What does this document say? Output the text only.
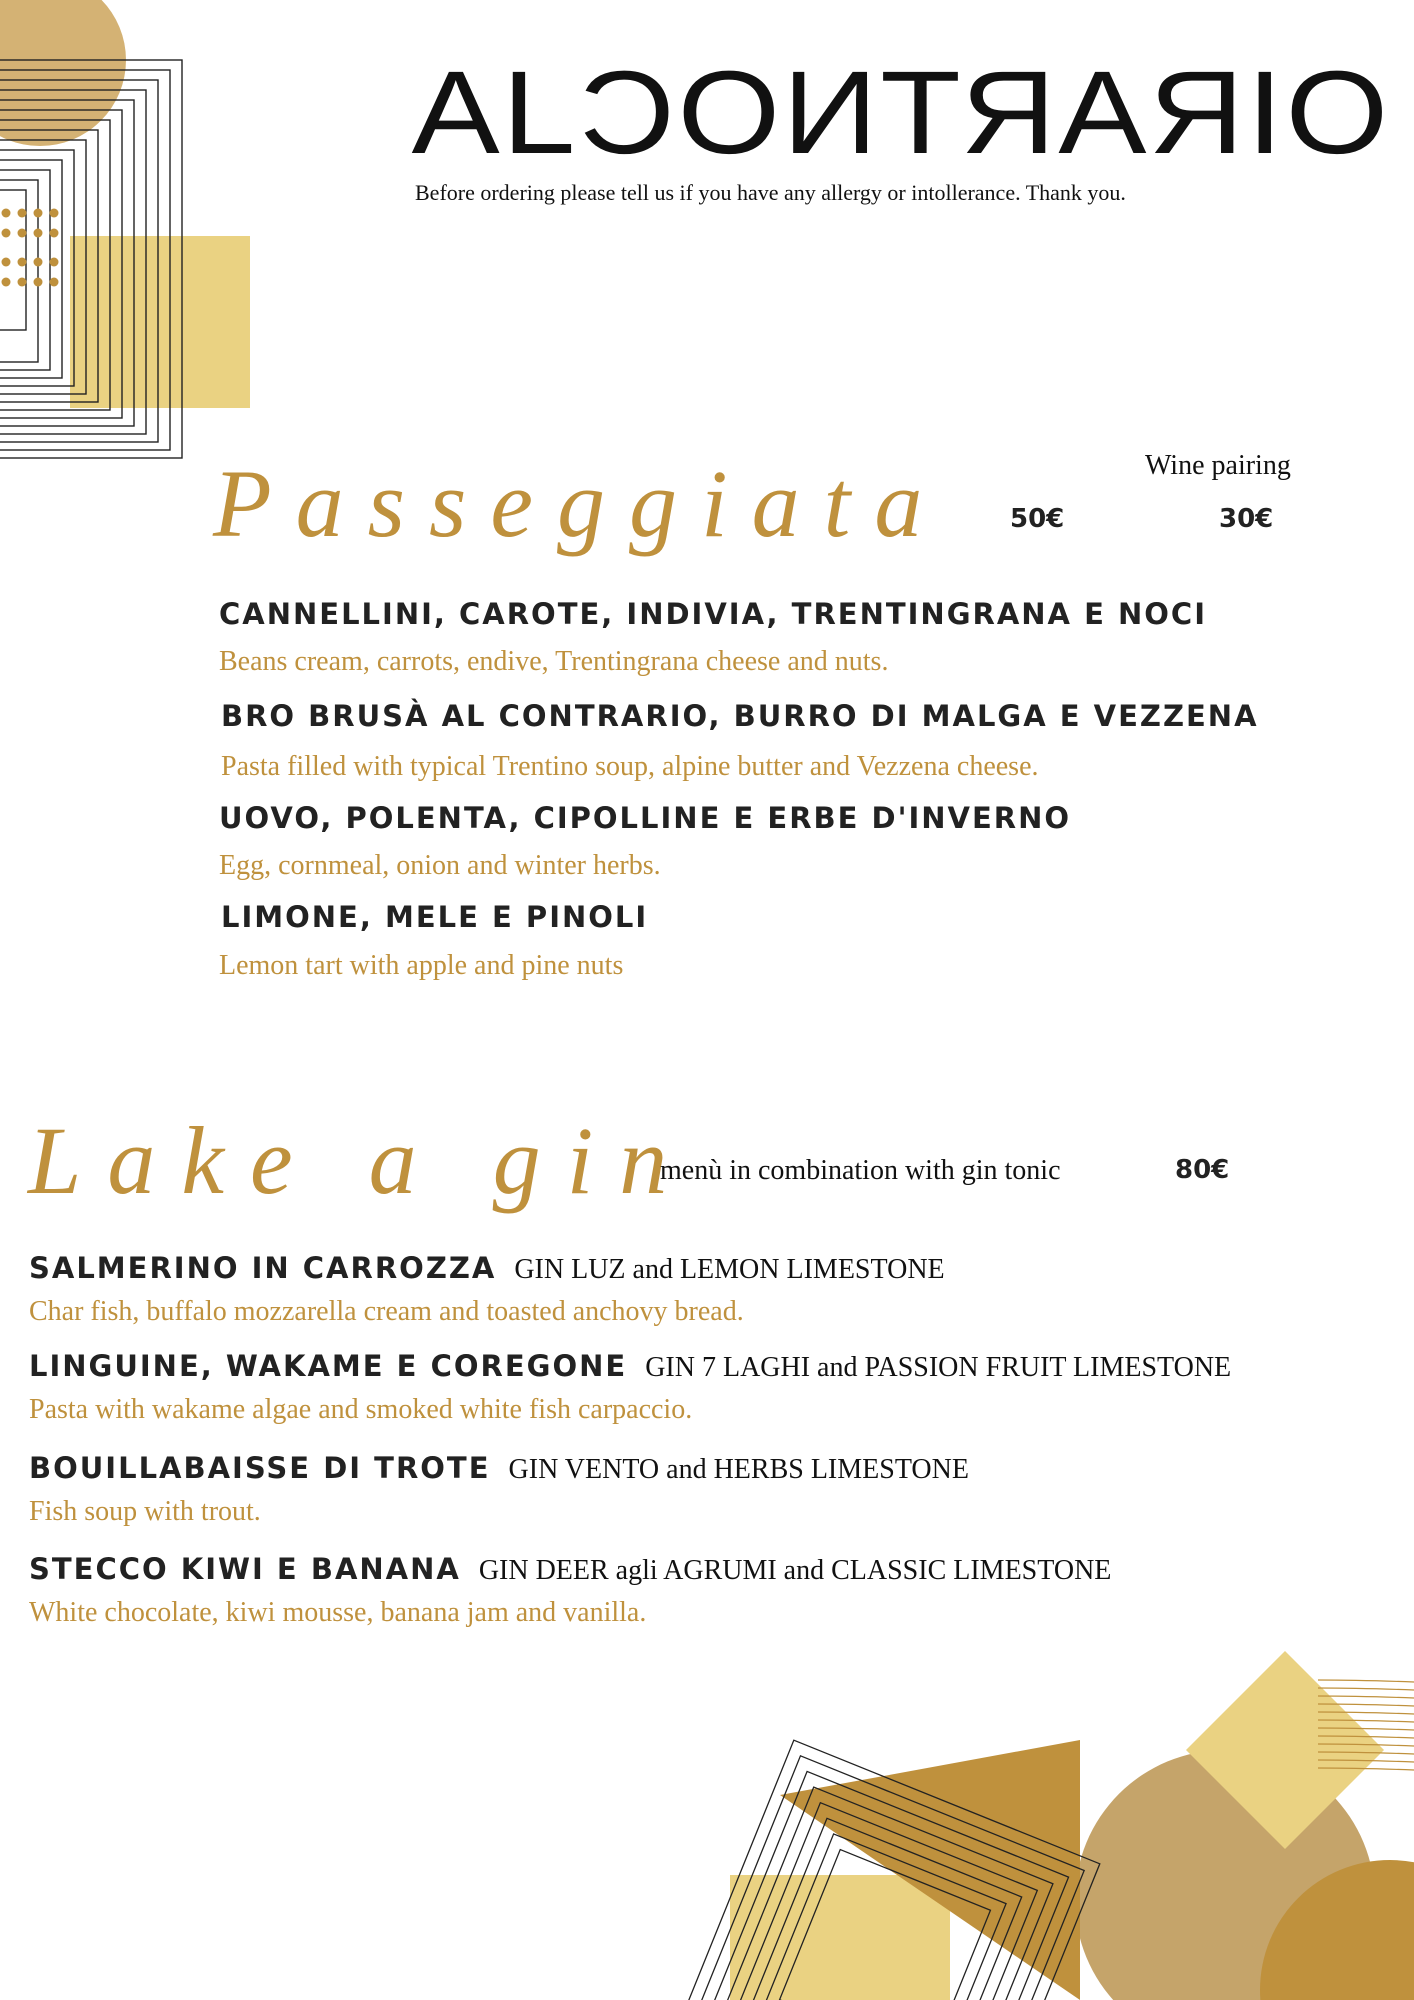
AL OIRARTNOC
Before ordering please tell us if you have any allergy or intollerance. Thank you.
Passeggiata	Wine pairing
50€	30€
CANNELLINI, CAROTE, INDIVIA, TRENTINGRANA E NOCI
Beans cream, carrots, endive, Trentingrana cheese and nuts.
BRO BRUSÀ AL CONTRARIO, BURRO DI MALGA E VEZZENA
Pasta filled with typical Trentino soup, alpine butter and Vezzena cheese.
UOVO, POLENTA, CIPOLLINE E ERBE D'INVERNO
Egg, cornmeal, onion and winter herbs.
LIMONE, MELE E PINOLI
Lemon tart with apple and pine nuts
Lake a gin
menù in combination with gin tonic	80€
SALMERINO IN CARROZZA GIN LUZ and LEMON LIMESTONE
Char fish, buffalo mozzarella cream and toasted anchovy bread.
LINGUINE, WAKAME E COREGONE GIN 7 LAGHI and PASSION FRUIT LIMESTONE
Pasta with wakame algae and smoked white fish carpaccio.
BOUILLABAISSE DI TROTE GIN VENTO and HERBS LIMESTONE
Fish soup with trout.
STECCO KIWI E BANANA GIN DEER agli AGRUMI and CLASSIC LIMESTONE
White chocolate, kiwi mousse, banana jam and vanilla.
